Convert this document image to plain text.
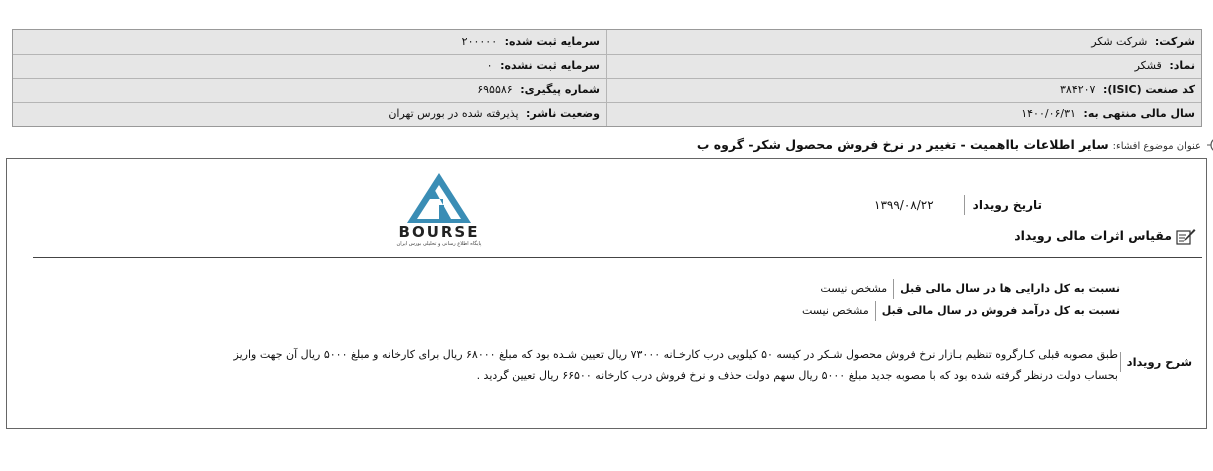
شرکت: شرکت شکر
سرمایه ثبت شده: ۲۰۰۰۰۰
نماد: قشکر
سرمایه ثبت نشده: ۰
کد صنعت (ISIC): ۳۸۴۲۰۷
شماره پیگیری: ۶۹۵۵۸۶
سال مالی منتهی به: ۱۴۰۰/۰۶/۳۱
وضعیت ناشر: پذیرفته شده در بورس تهران
عنوان موضوع افشاء:سایر اطلاعات بااهمیت - تغییر در نرخ فروش محصول شکر- گروه ب
BOURSE
پایگاه اطلاع رسانی و تحلیلی بورس ایران
تاریخ رویداد۱۳۹۹/۰۸/۲۲
مقیاس اثرات مالی رویداد
نسبت به کل دارایی ها در سال مالی قبلمشخص نیست
نسبت به کل درآمد فروش در سال مالی قبلمشخص نیست
شرح رویداد
طبق مصوبه قبلی کـارگروه تنظیم بـازار نرخ فروش محصول شـکر در کیسه ۵۰ کیلویی درب کارخـانه ۷۳۰۰۰ ریال تعیین شـده بود که مبلغ ۶۸۰۰۰ ریال برای کارخانه و مبلغ ۵۰۰۰ ریال آن جهت واریز
بحساب دولت درنظر گرفته شده بود که با مصوبه جدید مبلغ ۵۰۰۰ ریال سهم دولت حذف و نرخ فروش درب کارخانه ۶۶۵۰۰ ریال تعیین گردید .
